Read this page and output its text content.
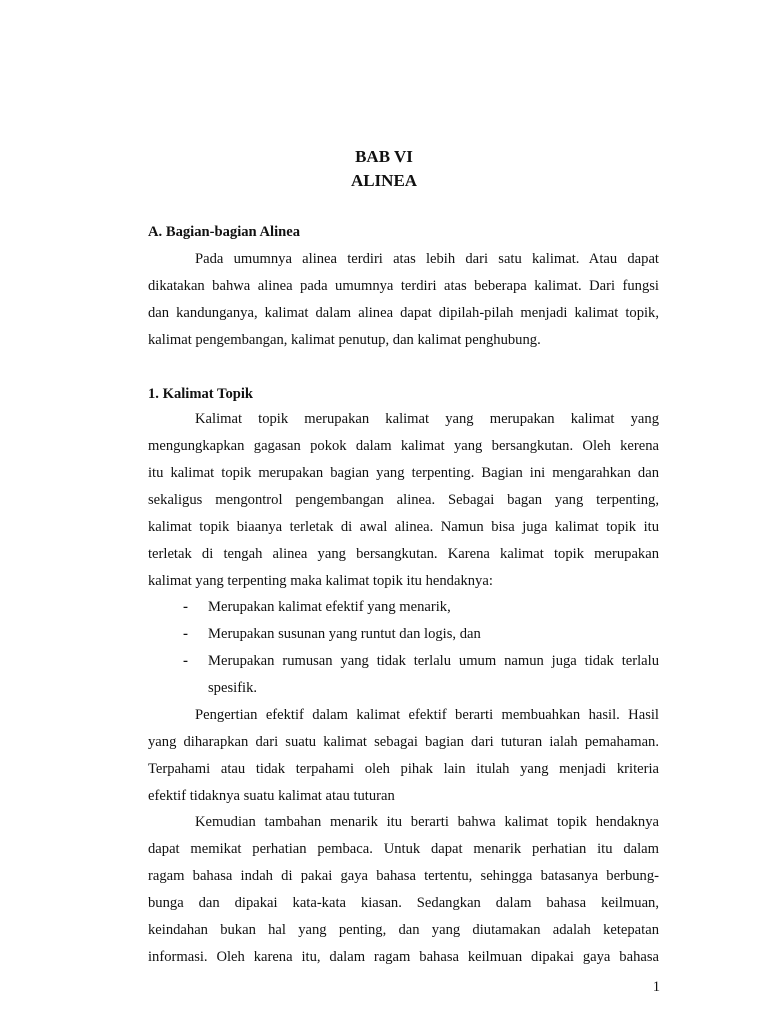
BAB VI
ALINEA
A. Bagian-bagian Alinea
Pada umumnya alinea terdiri atas lebih dari satu kalimat. Atau dapat
dikatakan bahwa alinea pada umumnya terdiri atas beberapa kalimat. Dari fungsi
dan kandunganya, kalimat dalam alinea dapat dipilah-pilah menjadi kalimat topik,
kalimat pengembangan, kalimat penutup, dan kalimat penghubung.
1. Kalimat Topik
Kalimat topik merupakan kalimat yang merupakan kalimat yang
mengungkapkan gagasan pokok dalam kalimat yang bersangkutan. Oleh kerena
itu kalimat topik merupakan bagian yang terpenting. Bagian ini mengarahkan dan
sekaligus mengontrol pengembangan alinea. Sebagai bagan yang terpenting,
kalimat topik biaanya terletak di awal alinea. Namun bisa juga kalimat topik itu
terletak di tengah alinea yang bersangkutan. Karena kalimat topik merupakan
kalimat yang terpenting maka kalimat topik itu hendaknya:
- Merupakan kalimat efektif yang menarik,
- Merupakan susunan yang runtut dan logis, dan
- Merupakan rumusan yang tidak terlalu umum namun juga tidak terlalu
spesifik.
Pengertian efektif dalam kalimat efektif berarti membuahkan hasil. Hasil
yang diharapkan dari suatu kalimat sebagai bagian dari tuturan ialah pemahaman.
Terpahami atau tidak terpahami oleh pihak lain itulah yang menjadi kriteria
efektif tidaknya suatu kalimat atau tuturan
Kemudian tambahan menarik itu berarti bahwa kalimat topik hendaknya
dapat memikat perhatian pembaca. Untuk dapat menarik perhatian itu dalam
ragam bahasa indah di pakai gaya bahasa tertentu, sehingga batasanya berbung-
bunga dan dipakai kata-kata kiasan. Sedangkan dalam bahasa keilmuan,
keindahan bukan hal yang penting, dan yang diutamakan adalah ketepatan
informasi. Oleh karena itu, dalam ragam bahasa keilmuan dipakai gaya bahasa
1
